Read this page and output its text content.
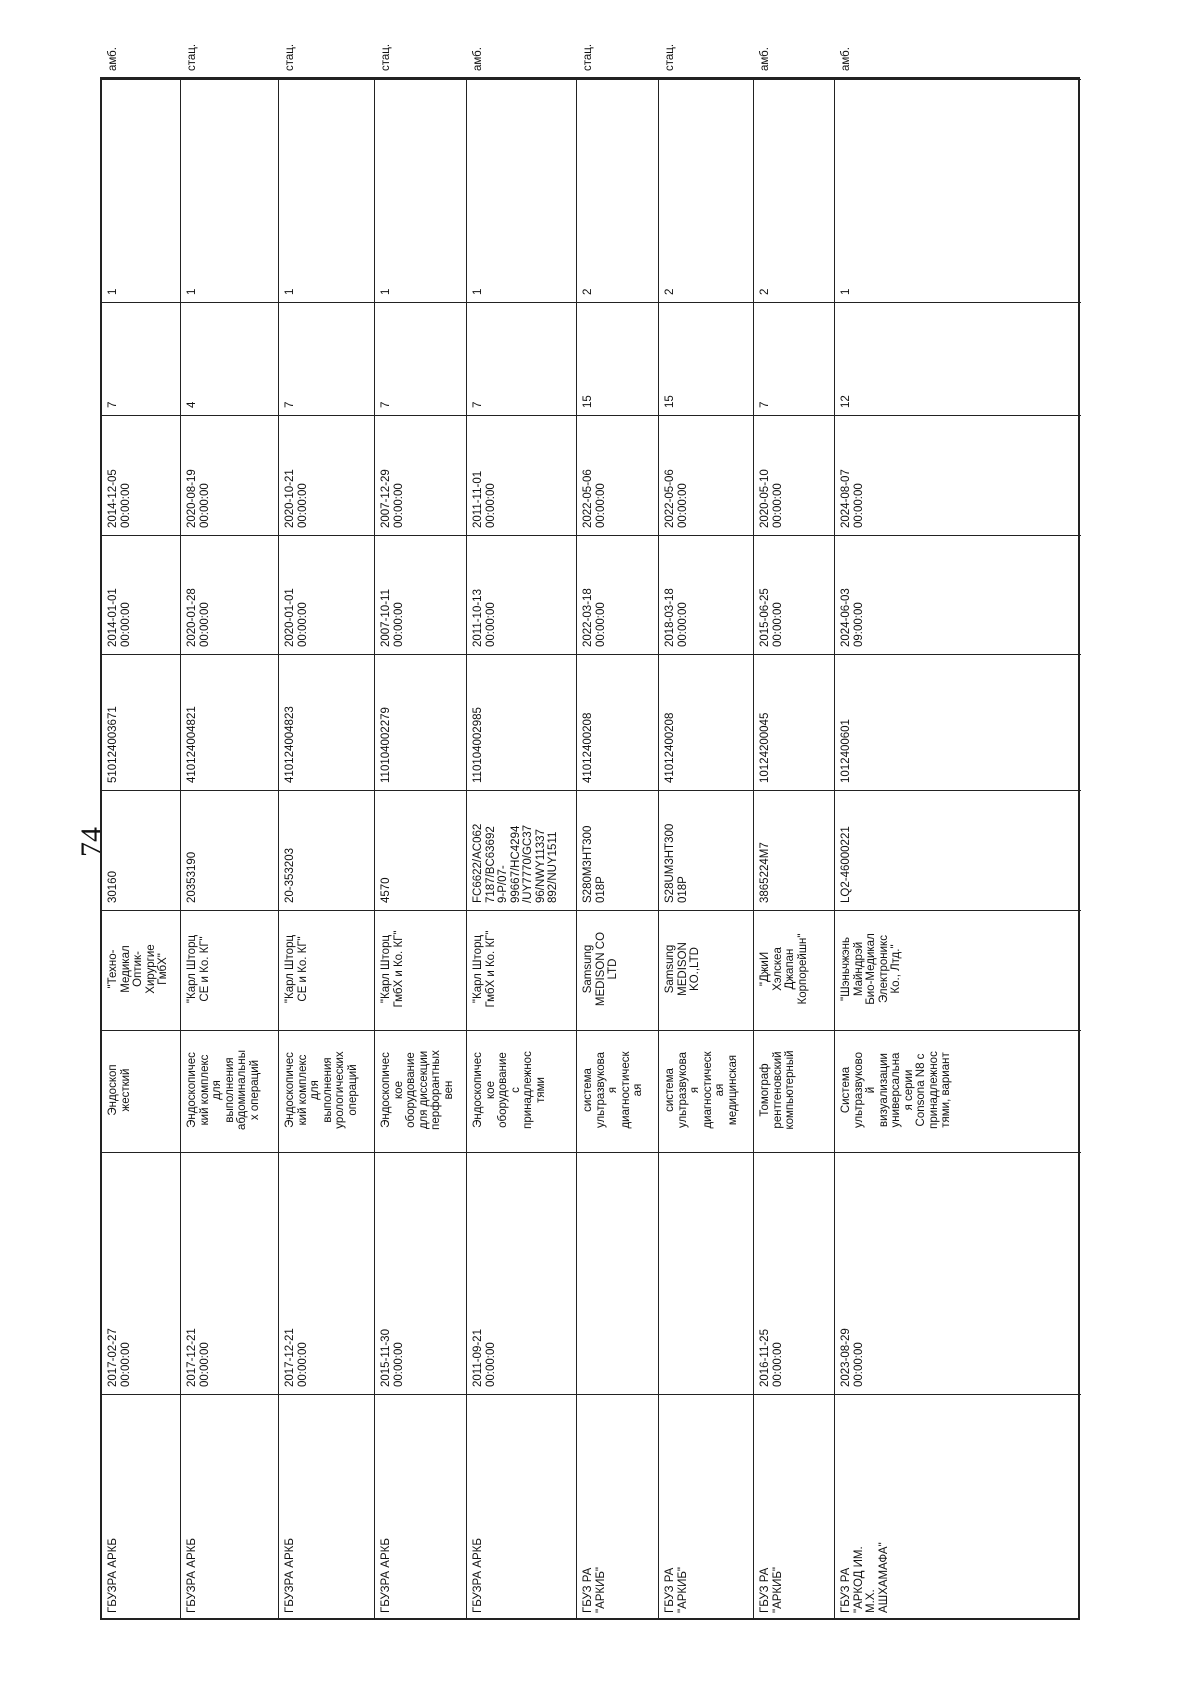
74
ГБУЗРА АРКБ
2017-02-27
00:00:00
Эндоскоп
жесткий
"Техно-
Медикал
Оптик-
Хирургие
ГмбХ"
30160
510124003671
2014-01-01
00:00:00
2014-12-05
00:00:00
7
1
амб.
ГБУЗРА АРКБ
2017-12-21
00:00:00
Эндоскопичес
кий комплекс
для
выполнения
абдоминальны
х операций
"Карл Шторц
СЕ и Ко. КГ"
20353190
410124004821
2020-01-28
00:00:00
2020-08-19
00:00:00
4
1
стац.
ГБУЗРА АРКБ
2017-12-21
00:00:00
Эндоскопичес
кий комплекс
для
выполнения
урологических
операций
"Карл Шторц
СЕ и Ко. КГ"
20-353203
410124004823
2020-01-01
00:00:00
2020-10-21
00:00:00
7
1
стац.
ГБУЗРА АРКБ
2015-11-30
00:00:00
Эндоскопичес
кое
оборудование
для диссекции
перфорантных
вен
"Карл Шторц
ГмбХ и Ко. КГ"
4570
110104002279
2007-10-11
00:00:00
2007-12-29
00:00:00
7
1
стац.
ГБУЗРА АРКБ
2011-09-21
00:00:00
Эндоскопичес
кое
оборудование
с
принадлежнос
тями
"Карл Шторц
ГмбХ и Ко. КГ"
FC6622/AC062
7187/BC63692
9-P/07-
99667/HC4294
/UY7770/GC37
96/NWY11337
892/NUY1511
110104002985
2011-10-13
00:00:00
2011-11-01
00:00:00
7
1
амб.
ГБУЗ РА
"АРКИБ"
система
ультразвукова
я
диагностическ
ая
Samsung
MEDISON CO
LTD
S280M3HT300
018P
41012400208
2022-03-18
00:00:00
2022-05-06
00:00:00
15
2
стац.
ГБУЗ РА
"АРКИБ"
система
ультразвукова
я
диагностическ
ая
медицинская
Samsung
MEDISON
KO.,LTD
S28UM3HT300
018P
41012400208
2018-03-18
00:00:00
2022-05-06
00:00:00
15
2
стац.
ГБУЗ РА
"АРКИБ"
2016-11-25
00:00:00
Томограф
рентгеновский
компьютерный
"ДжиИ
Хэлскеа
Джапан
Корпорейшн"
3865224M7
10124200045
2015-06-25
00:00:00
2020-05-10
00:00:00
7
2
амб.
ГБУЗ РА
"АРКОД ИМ.
М.Х.
АШХАМАФА"
2023-08-29
00:00:00
Система
ультразвуково
й
визуализации
универсальна
я серии
Consona N8 с
принадлежнос
тями, вариант
"Шэньчжэнь
Майндрэй
Био-Медикал
Электроникс
Ко., Лтд."
LQ2-46000221
1012400601
2024-06-03
09:00:00
2024-08-07
00:00:00
12
1
амб.
